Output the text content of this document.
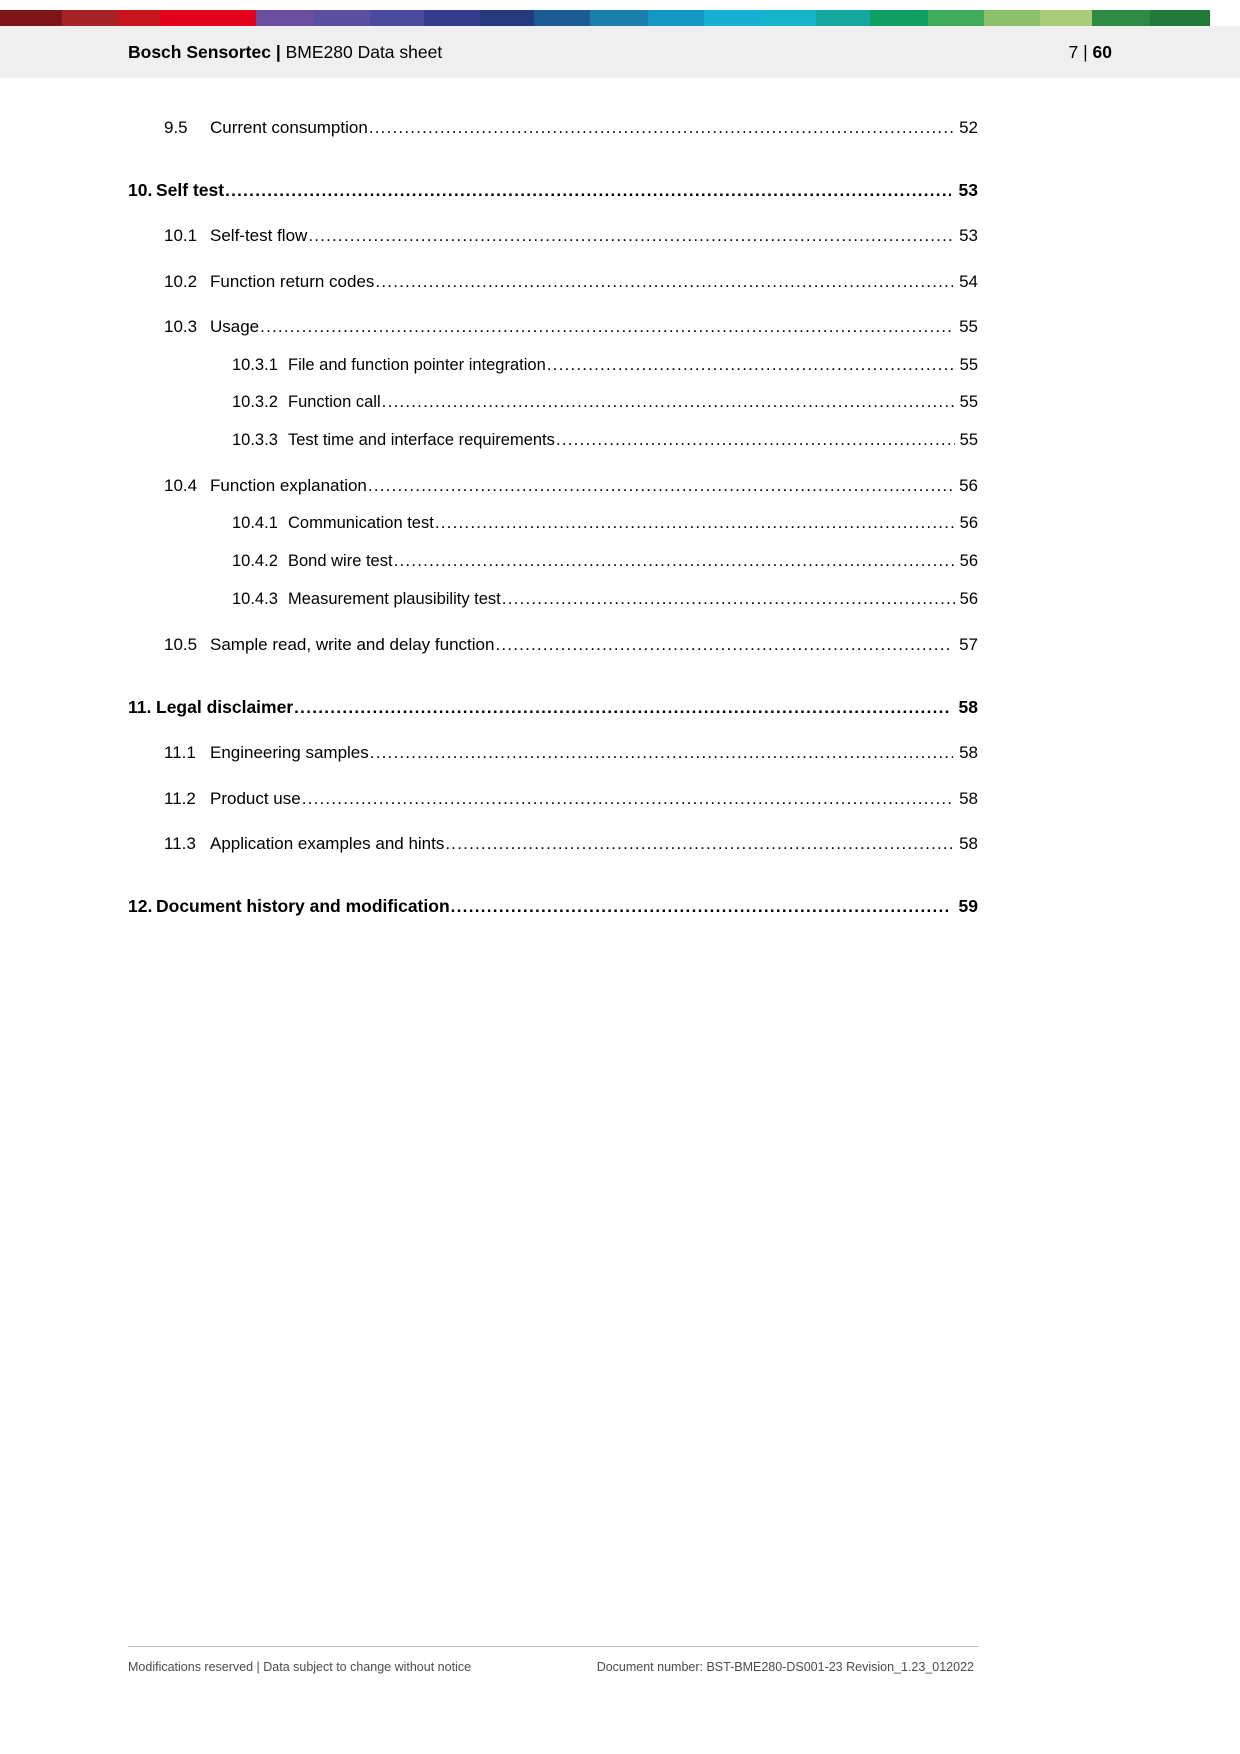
Bosch Sensortec | BME280 Data sheet	7 | 60
9.5	Current consumption .....	52
10. Self test .....	53
10.1 Self-test flow .....	53
10.2 Function return codes .....	54
10.3 Usage .....	55
10.3.1 File and function pointer integration .....	55
10.3.2 Function call .....	55
10.3.3 Test time and interface requirements .....	55
10.4 Function explanation .....	56
10.4.1 Communication test .....	56
10.4.2 Bond wire test .....	56
10.4.3 Measurement plausibility test .....	56
10.5 Sample read, write and delay function .....	57
11. Legal disclaimer .....	58
11.1 Engineering samples .....	58
11.2 Product use .....	58
11.3 Application examples and hints .....	58
12. Document history and modification .....	59
Modifications reserved | Data subject to change without notice	Document number: BST-BME280-DS001-23 Revision_1.23_012022
